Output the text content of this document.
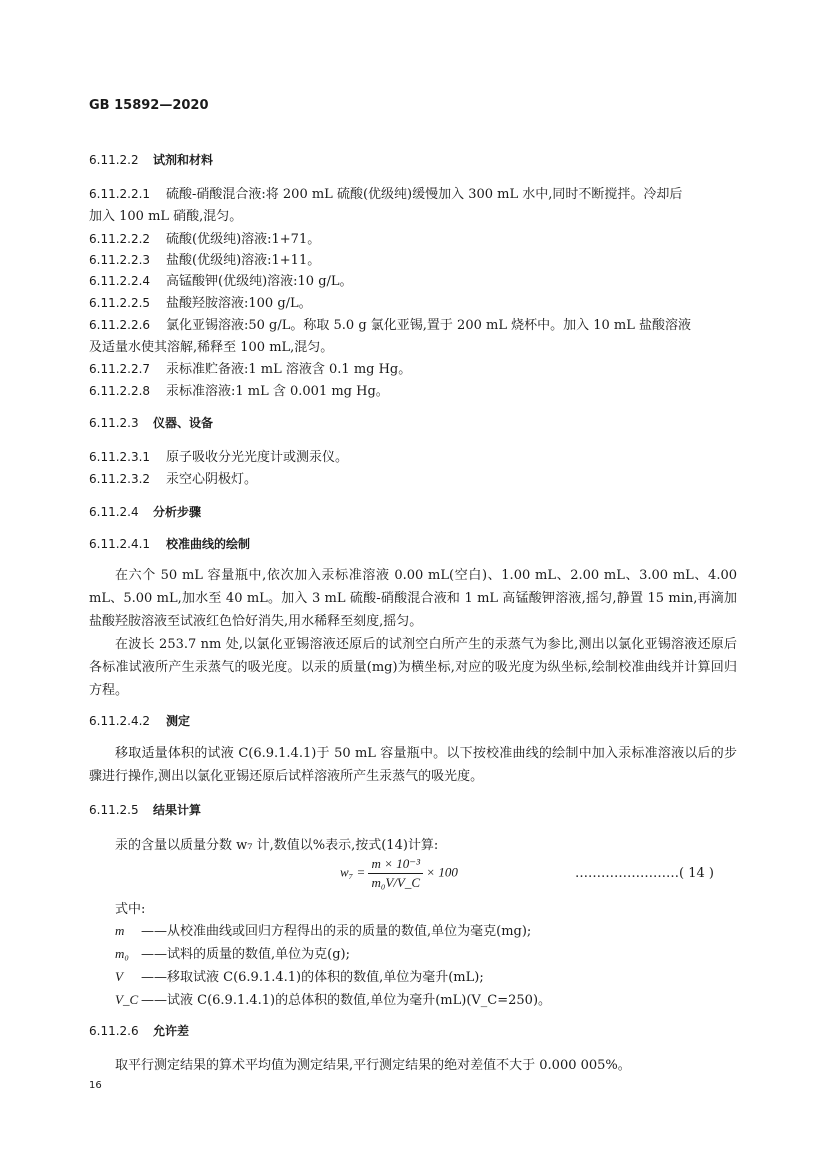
GB 15892—2020
6.11.2.2 试剂和材料
6.11.2.2.1 硫酸-硝酸混合液:将 200 mL 硫酸(优级纯)缓慢加入 300 mL 水中,同时不断搅拌。冷却后
加入 100 mL 硝酸,混匀。
6.11.2.2.2 硫酸(优级纯)溶液:1+71。
6.11.2.2.3 盐酸(优级纯)溶液:1+11。
6.11.2.2.4 高锰酸钾(优级纯)溶液:10 g/L。
6.11.2.2.5 盐酸羟胺溶液:100 g/L。
6.11.2.2.6 氯化亚锡溶液:50 g/L。称取 5.0 g 氯化亚锡,置于 200 mL 烧杯中。加入 10 mL 盐酸溶液
及适量水使其溶解,稀释至 100 mL,混匀。
6.11.2.2.7 汞标准贮备液:1 mL 溶液含 0.1 mg Hg。
6.11.2.2.8 汞标准溶液:1 mL 含 0.001 mg Hg。
6.11.2.3 仪器、设备
6.11.2.3.1 原子吸收分光光度计或测汞仪。
6.11.2.3.2 汞空心阴极灯。
6.11.2.4 分析步骤
6.11.2.4.1 校准曲线的绘制
在六个 50 mL 容量瓶中,依次加入汞标准溶液 0.00 mL(空白)、1.00 mL、2.00 mL、3.00 mL、4.00 mL、5.00 mL,加水至 40 mL。加入 3 mL 硫酸-硝酸混合液和 1 mL 高锰酸钾溶液,摇匀,静置 15 min,再滴加盐酸羟胺溶液至试液红色恰好消失,用水稀释至刻度,摇匀。
在波长 253.7 nm 处,以氯化亚锡溶液还原后的试剂空白所产生的汞蒸气为参比,测出以氯化亚锡溶液还原后各标准试液所产生汞蒸气的吸光度。以汞的质量(mg)为横坐标,对应的吸光度为纵坐标,绘制校准曲线并计算回归方程。
6.11.2.4.2 测定
移取适量体积的试液 C(6.9.1.4.1)于 50 mL 容量瓶中。以下按校准曲线的绘制中加入汞标准溶液以后的步骤进行操作,测出以氯化亚锡还原后试样溶液所产生汞蒸气的吸光度。
6.11.2.5 结果计算
汞的含量以质量分数 w₇ 计,数值以%表示,按式(14)计算:
$w_7 = \frac{\text{m × 10⁻³}}{\text{m₀V/V\_C}} \times 100$	……………………( 14 )
式中:
m ——从校准曲线或回归方程得出的汞的质量的数值,单位为毫克(mg);
m₀ ——试料的质量的数值,单位为克(g);
V ——移取试液 C(6.9.1.4.1)的体积的数值,单位为毫升(mL);
V_C ——试液 C(6.9.1.4.1)的总体积的数值,单位为毫升(mL)(V_C=250)。
6.11.2.6 允许差
取平行测定结果的算术平均值为测定结果,平行测定结果的绝对差值不大于 0.000 005%。
16
